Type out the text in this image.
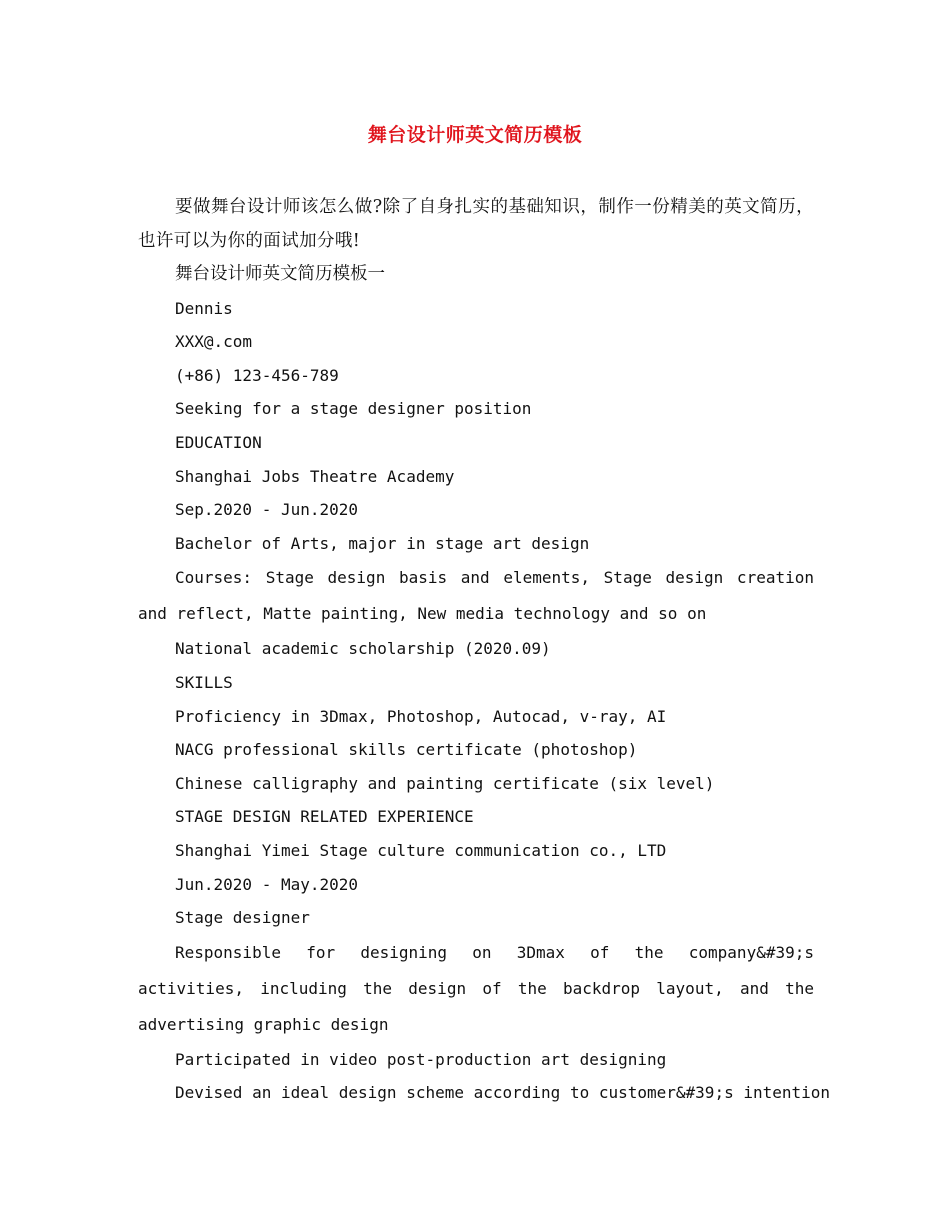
舞台设计师英文简历模板

要做舞台设计师该怎么做?除了自身扎实的基础知识，制作一份精美的英文简历，也许可以为你的面试加分哦!

舞台设计师英文简历模板一

Dennis

XXX@.com

(+86) 123-456-789

Seeking for a stage designer position

EDUCATION

Shanghai Jobs Theatre Academy

Sep.2020 - Jun.2020

Bachelor of Arts, major in stage art design

Courses: Stage design basis and elements, Stage design creation and reflect, Matte painting, New media technology and so on

National academic scholarship (2020.09)

SKILLS

Proficiency in 3Dmax, Photoshop, Autocad, v-ray, AI

NACG professional skills certificate (photoshop)

Chinese calligraphy and painting certificate (six level)

STAGE DESIGN RELATED EXPERIENCE

Shanghai Yimei Stage culture communication co., LTD

Jun.2020 - May.2020

Stage designer

Responsible for designing on 3Dmax of the company&#39;s activities, including the design of the backdrop layout, and the advertising graphic design

Participated in video post-production art designing

Devised an ideal design scheme according to customer&#39;s intention
